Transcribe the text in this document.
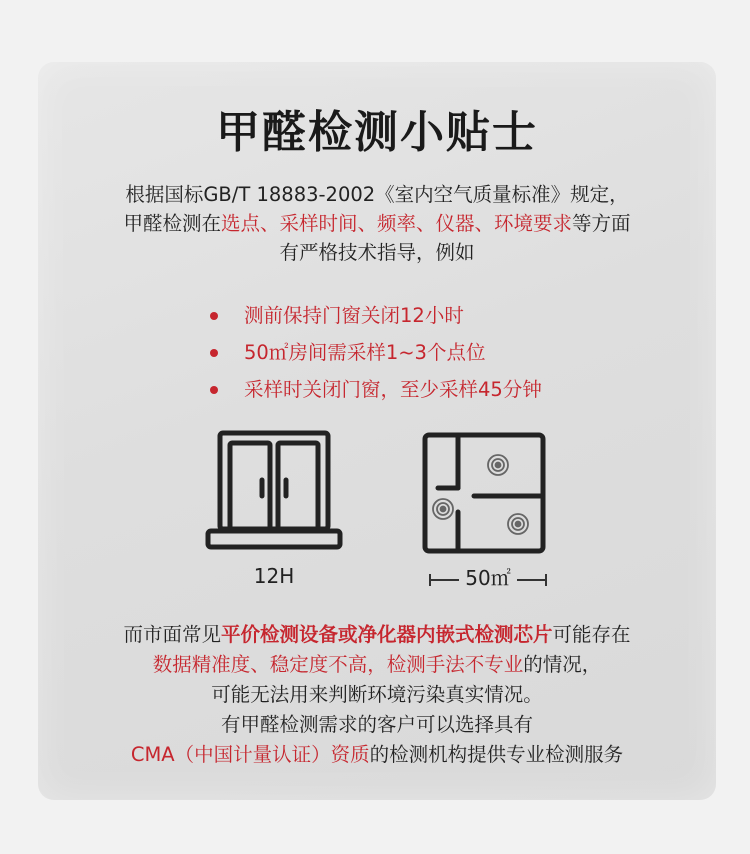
甲醛检测小贴士
根据国标GB/T 18883-2002《室内空气质量标准》规定，
甲醛检测在选点、采样时间、频率、仪器、环境要求等方面
有严格技术指导，例如
测前保持门窗关闭12小时
50㎡房间需采样1~3个点位
采样时关闭门窗，至少采样45分钟
12H	50㎡
而市面常见平价检测设备或净化器内嵌式检测芯片可能存在
数据精准度、稳定度不高，检测手法不专业的情况，
可能无法用来判断环境污染真实情况。
有甲醛检测需求的客户可以选择具有
CMA（中国计量认证）资质的检测机构提供专业检测服务
